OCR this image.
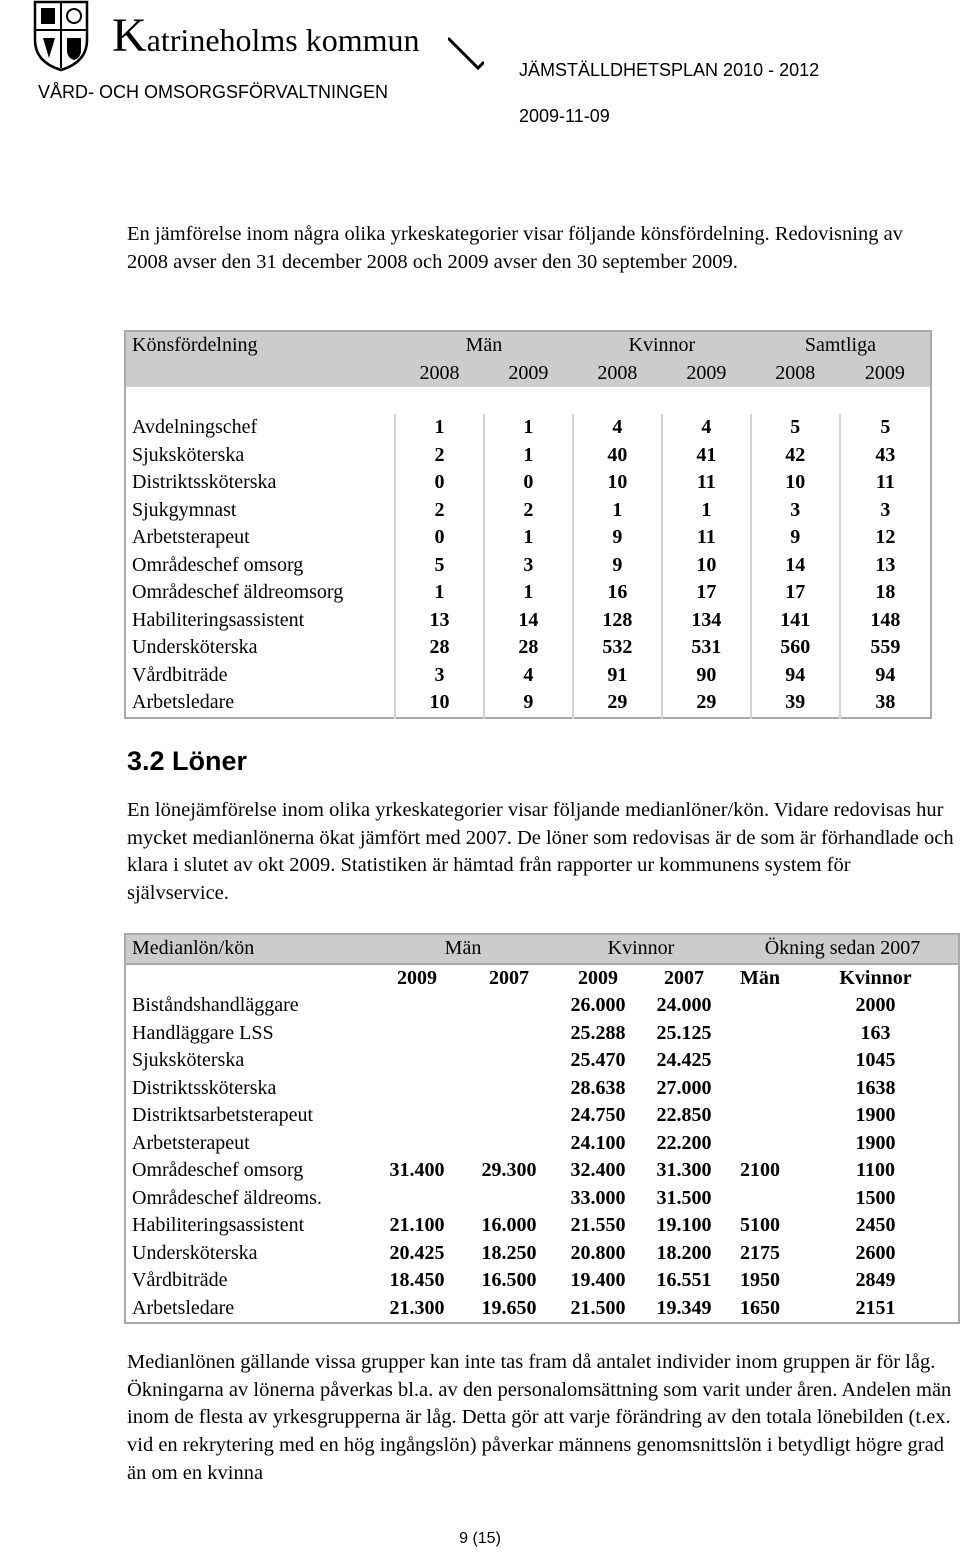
Katrineholms kommun
VÅRD- OCH OMSORGSFÖRVALTNINGEN
JÄMSTÄLLDHETSPLAN 2010 - 2012
2009-11-09
En jämförelse inom några olika yrkeskategorier visar följande könsfördelning. Redovisning av 2008 avser den 31 december 2008 och 2009 avser den 30 september 2009.
Könsfördelning	Män		Kvinnor		Samtliga	
	2008	2009	2008	2009	2008	2009

Avdelningschef	1	1	4	4	5	5
Sjuksköterska	2	1	40	41	42	43
Distriktssköterska	0	0	10	11	10	11
Sjukgymnast	2	2	1	1	3	3
Arbetsterapeut	0	1	9	11	9	12
Områdeschef omsorg	5	3	9	10	14	13
Områdeschef äldreomsorg	1	1	16	17	17	18
Habiliteringsassistent	13	14	128	134	141	148
Undersköterska	28	28	532	531	560	559
Vårdbiträde	3	4	91	90	94	94
Arbetsledare	10	9	29	29	39	38
3.2 Löner
En lönejämförelse inom olika yrkeskategorier visar följande medianlöner/kön. Vidare redovisas hur mycket medianlönerna ökat jämfört med 2007. De löner som redovisas är de som är förhandlade och klara i slutet av okt 2009. Statistiken är hämtad från rapporter ur kommunens system för självservice.
Medianlön/kön	Män		Kvinnor		Ökning sedan 2007	
	2009	2007	2009	2007	Män	Kvinnor
Biståndshandläggare			26.000	24.000		2000
Handläggare LSS			25.288	25.125		163
Sjuksköterska			25.470	24.425		1045
Distriktssköterska			28.638	27.000		1638
Distriktsarbetsterapeut			24.750	22.850		1900
Arbetsterapeut			24.100	22.200		1900
Områdeschef omsorg	31.400	29.300	32.400	31.300	2100	1100
Områdeschef äldreoms.			33.000	31.500		1500
Habiliteringsassistent	21.100	16.000	21.550	19.100	5100	2450
Undersköterska	20.425	18.250	20.800	18.200	2175	2600
Vårdbiträde	18.450	16.500	19.400	16.551	1950	2849
Arbetsledare	21.300	19.650	21.500	19.349	1650	2151
Medianlönen gällande vissa grupper kan inte tas fram då antalet individer inom gruppen är för låg. Ökningarna av lönerna påverkas bl.a. av den personalomsättning som varit under åren. Andelen män inom de flesta av yrkesgrupperna är låg. Detta gör att varje förändring av den totala lönebilden (t.ex. vid en rekrytering med en hög ingångslön) påverkar männens genomsnittslön i betydligt högre grad än om en kvinna
9 (15)
